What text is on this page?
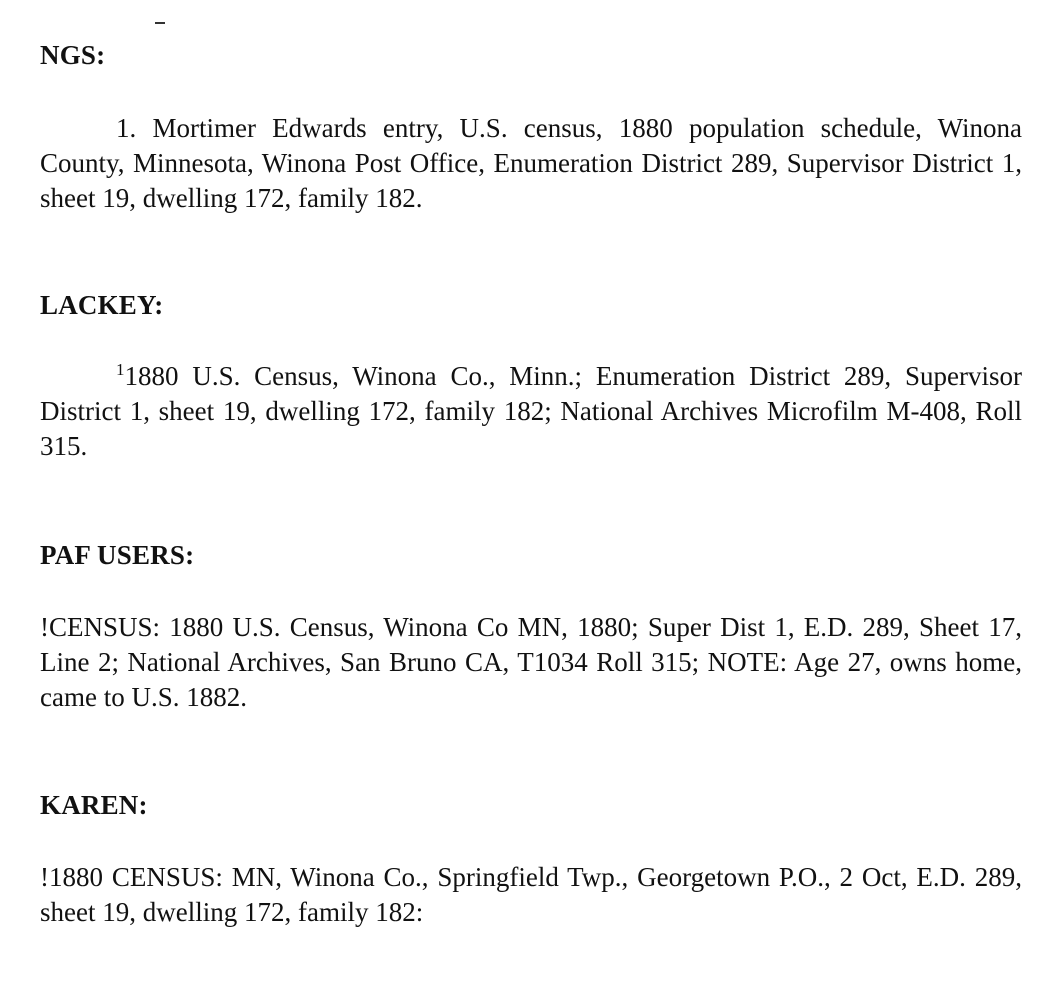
NGS:

1. Mortimer Edwards entry, U.S. census, 1880 population schedule, Winona County, Minnesota, Winona Post Office, Enumeration District 289, Supervisor District 1, sheet 19, dwelling 172, family 182.

LACKEY:

$^1$1880 U.S. Census, Winona Co., Minn.; Enumeration District 289, Supervisor District 1, sheet 19, dwelling 172, family 182; National Archives Microfilm M-408, Roll 315.

PAF USERS:

!CENSUS: 1880 U.S. Census, Winona Co MN, 1880; Super Dist 1, E.D. 289, Sheet 17, Line 2; National Archives, San Bruno CA, T1034 Roll 315; NOTE: Age 27, owns home, came to U.S. 1882.

KAREN:

!1880 CENSUS: MN, Winona Co., Springfield Twp., Georgetown P.O., 2 Oct, E.D. 289, sheet 19, dwelling 172, family 182:
